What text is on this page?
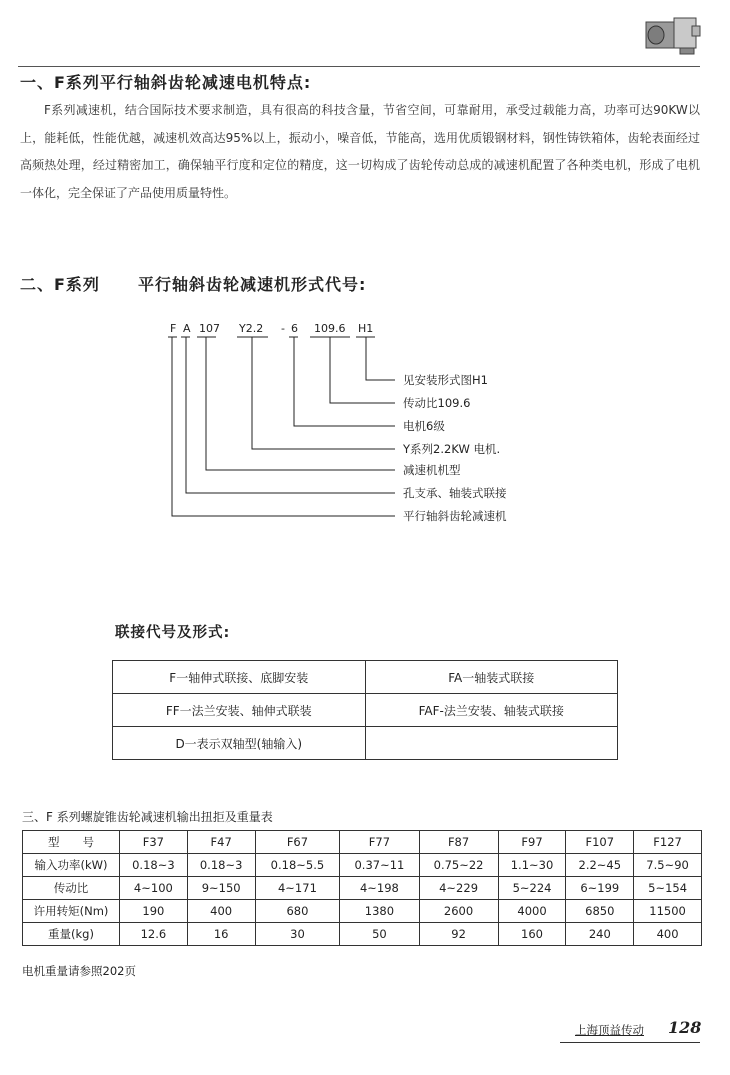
一、F系列平行轴斜齿轮减速电机特点:

F系列减速机，结合国际技术要求制造，具有很高的科技含量，节省空间，可靠耐用，承受过载能力高，功率可达90KW以上，能耗低，性能优越，减速机效高达95%以上，振动小，噪音低，节能高，选用优质锻钢材料，钢性铸铁箱体，齿轮表面经过高频热处理，经过精密加工，确保轴平行度和定位的精度，这一切构成了齿轮传动总成的减速机配置了各种类电机，形成了电机一体化，完全保证了产品使用质量特性。

二、F系列 平行轴斜齿轮减速机形式代号:
F A 107 Y2.2 - 6 109.6 H1
见安装形式图H1
传动比109.6
电机6级
Y系列2.2KW 电机.
减速机机型
孔支承、轴装式联接
平行轴斜齿轮减速机
联接代号及形式:
F一轴伸式联接、底脚安装	FA一轴装式联接
FF一法兰安装、轴伸式联装	FAF-法兰安装、轴装式联接
D一表示双轴型(轴输入)	
三、F 系列螺旋锥齿轮减速机输出扭拒及重量表
型　　号	F37	F47	F67	F77	F87	F97	F107	F127
输入功率(kW)	0.18~3	0.18~3	0.18~5.5	0.37~11	0.75~22	1.1~30	2.2~45	7.5~90
传动比	4~100	9~150	4~171	4~198	4~229	5~224	6~199	5~154
许用转矩(Nm)	190	400	680	1380	2600	4000	6850	11500
重量(kg)	12.6	16	30	50	92	160	240	400
电机重量请参照202页
上海顶益传动 128
